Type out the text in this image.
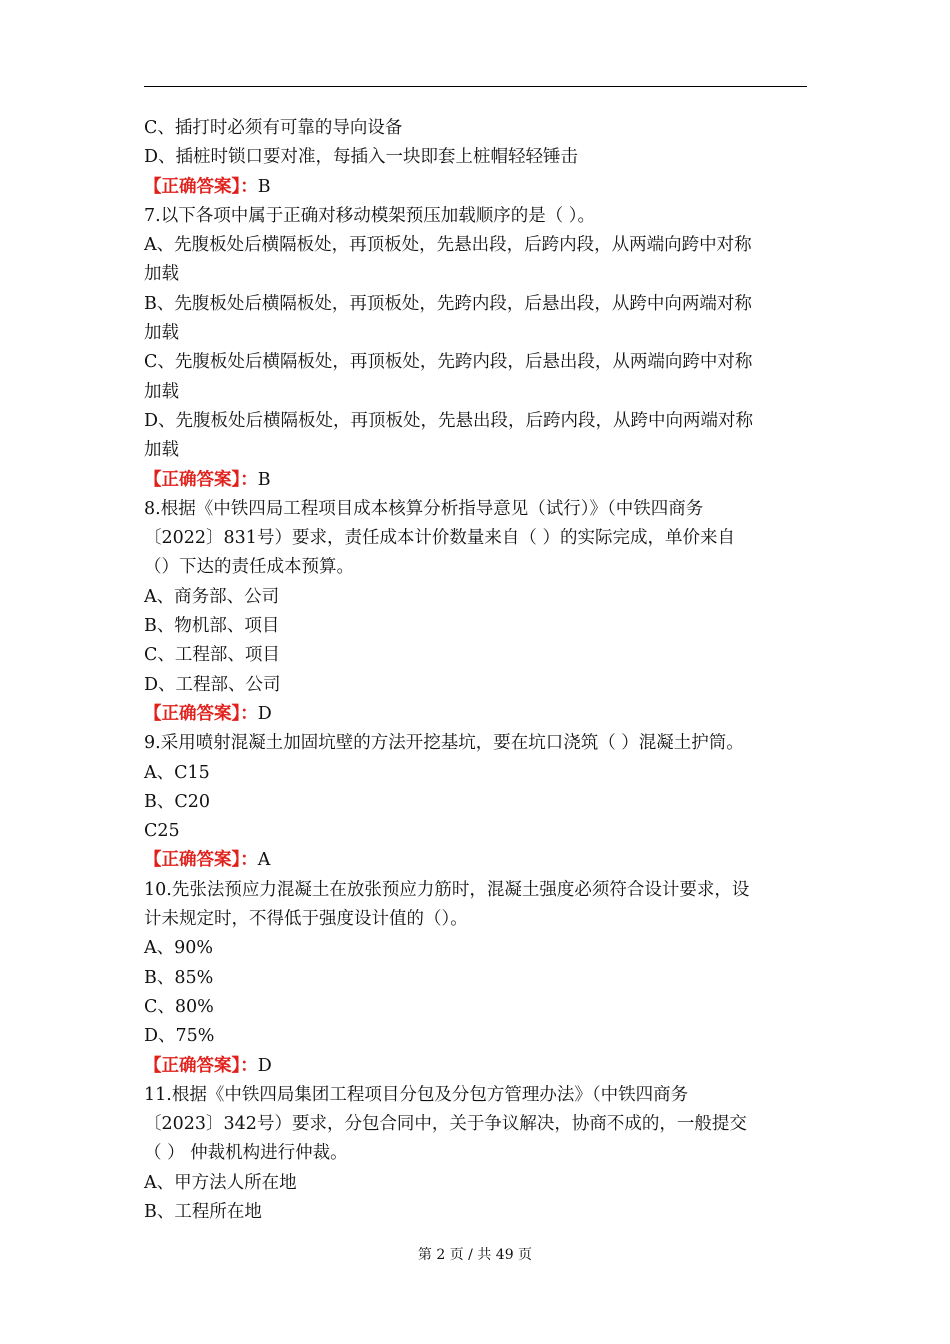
C、插打时必须有可靠的导向设备
D、插桩时锁口要对准，每插入一块即套上桩帽轻轻锤击
【正确答案】：B
7.以下各项中属于正确对移动模架预压加载顺序的是（ ）。
A、先腹板处后横隔板处，再顶板处，先悬出段，后跨内段，从两端向跨中对称
加载
B、先腹板处后横隔板处，再顶板处，先跨内段，后悬出段，从跨中向两端对称
加载
C、先腹板处后横隔板处，再顶板处，先跨内段，后悬出段，从两端向跨中对称
加载
D、先腹板处后横隔板处，再顶板处，先悬出段，后跨内段，从跨中向两端对称
加载
【正确答案】：B
8.根据《中铁四局工程项目成本核算分析指导意见（试行）》（中铁四商务
〔2022〕831号）要求，责任成本计价数量来自（ ）的实际完成，单价来自
（）下达的责任成本预算。
A、商务部、公司
B、物机部、项目
C、工程部、项目
D、工程部、公司
【正确答案】：D
9.采用喷射混凝土加固坑壁的方法开挖基坑，要在坑口浇筑（ ）混凝土护筒。
A、C15
B、C20
C25
【正确答案】：A
10.先张法预应力混凝土在放张预应力筋时，混凝土强度必须符合设计要求，设
计未规定时，不得低于强度设计值的（）。
A、90%
B、85%
C、80%
D、75%
【正确答案】：D
11.根据《中铁四局集团工程项目分包及分包方管理办法》（中铁四商务
〔2023〕342号）要求，分包合同中，关于争议解决，协商不成的，一般提交
（ ） 仲裁机构进行仲裁。
A、甲方法人所在地
B、工程所在地
第 2 页 / 共 49 页
